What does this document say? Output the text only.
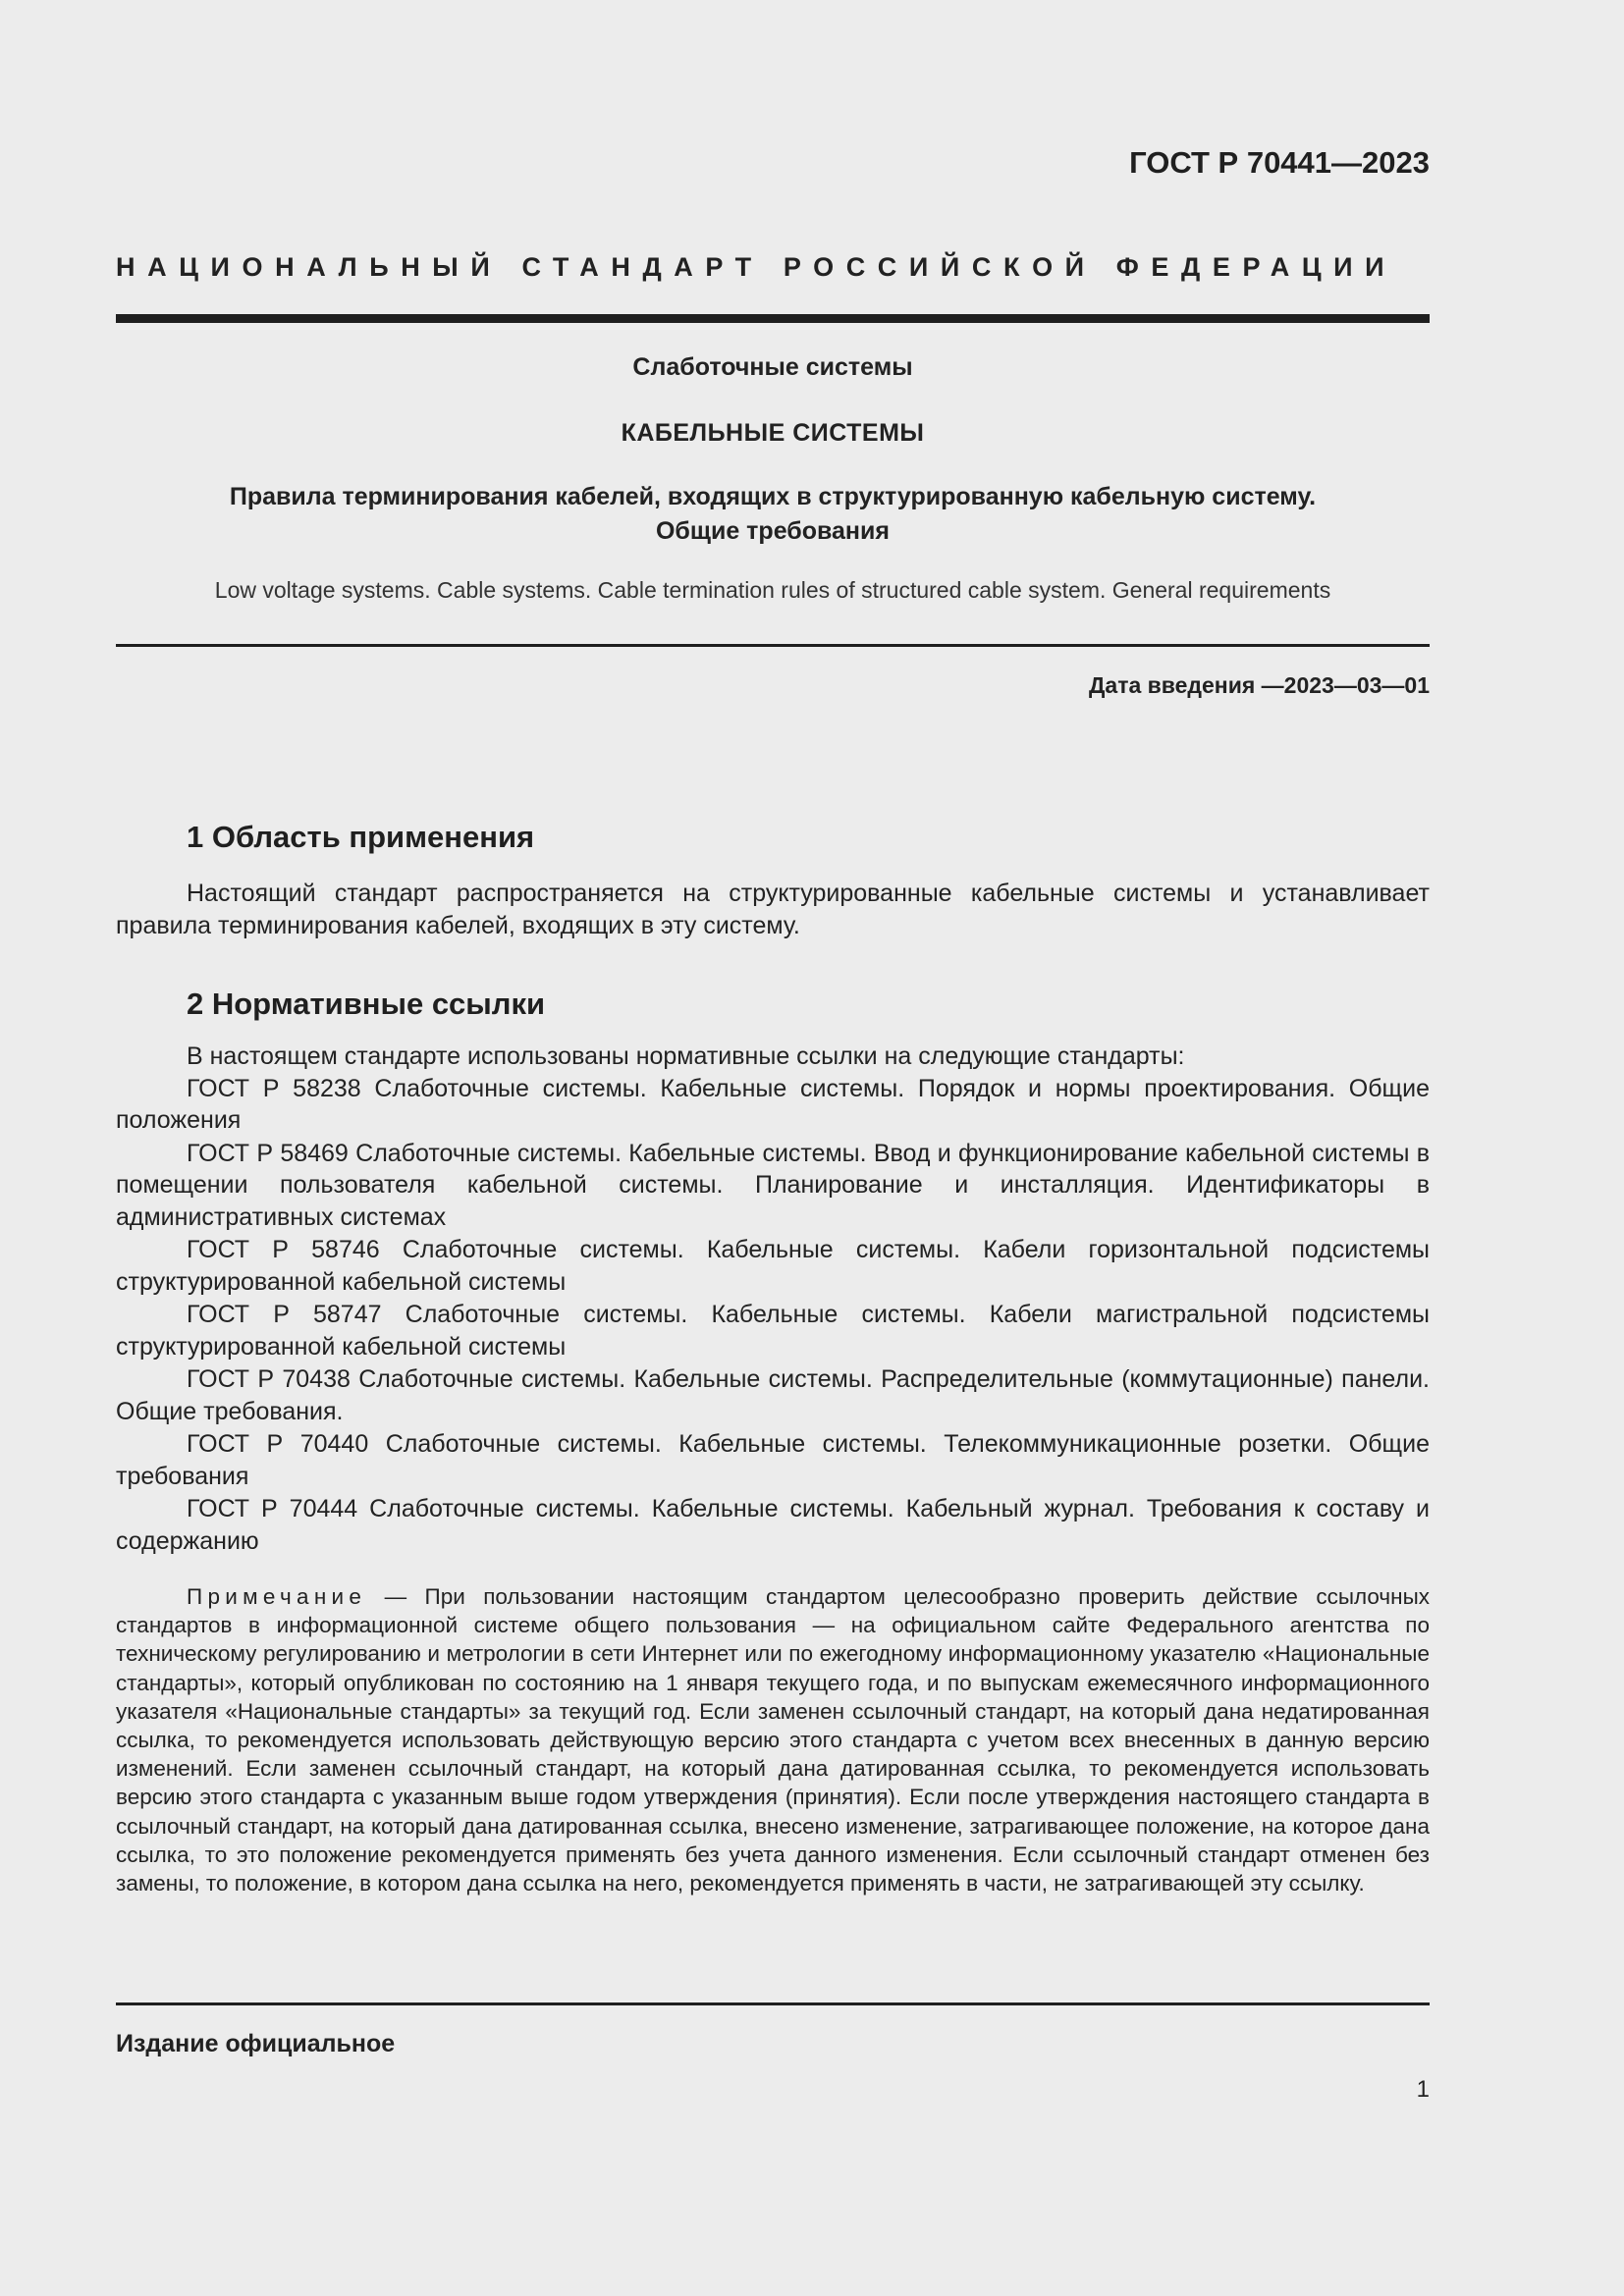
ГОСТ Р 70441—2023
НАЦИОНАЛЬНЫЙ СТАНДАРТ РОССИЙСКОЙ ФЕДЕРАЦИИ
Слаботочные системы
КАБЕЛЬНЫЕ СИСТЕМЫ
Правила терминирования кабелей, входящих в структурированную кабельную систему.
Общие требования
Low voltage systems. Cable systems. Cable termination rules of structured cable system. General requirements
Дата введения —2023—03—01
1 Область применения

Настоящий стандарт распространяется на структурированные кабельные системы и устанавливает правила терминирования кабелей, входящих в эту систему.

2 Нормативные ссылки

В настоящем стандарте использованы нормативные ссылки на следующие стандарты:

ГОСТ Р 58238 Слаботочные системы. Кабельные системы. Порядок и нормы проектирования. Общие положения
ГОСТ Р 58469 Слаботочные системы. Кабельные системы. Ввод и функционирование кабельной системы в помещении пользователя кабельной системы. Планирование и инсталляция. Идентификаторы в административных системах
ГОСТ Р 58746 Слаботочные системы. Кабельные системы. Кабели горизонтальной подсистемы структурированной кабельной системы
ГОСТ Р 58747 Слаботочные системы. Кабельные системы. Кабели магистральной подсистемы структурированной кабельной системы
ГОСТ Р 70438 Слаботочные системы. Кабельные системы. Распределительные (коммутационные) панели. Общие требования.
ГОСТ Р 70440 Слаботочные системы. Кабельные системы. Телекоммуникационные розетки. Общие требования
ГОСТ Р 70444 Слаботочные системы. Кабельные системы. Кабельный журнал. Требования к составу и содержанию

Примечание — При пользовании настоящим стандартом целесообразно проверить действие ссылочных стандартов в информационной системе общего пользования — на официальном сайте Федерального агентства по техническому регулированию и метрологии в сети Интернет или по ежегодному информационному указателю «Национальные стандарты», который опубликован по состоянию на 1 января текущего года, и по выпускам ежемесячного информационного указателя «Национальные стандарты» за текущий год. Если заменен ссылочный стандарт, на который дана недатированная ссылка, то рекомендуется использовать действующую версию этого стандарта с учетом всех внесенных в данную версию изменений. Если заменен ссылочный стандарт, на который дана датированная ссылка, то рекомендуется использовать версию этого стандарта с указанным выше годом утверждения (принятия). Если после утверждения настоящего стандарта в ссылочный стандарт, на который дана датированная ссылка, внесено изменение, затрагивающее положение, на которое дана ссылка, то это положение рекомендуется применять без учета данного изменения. Если ссылочный стандарт отменен без замены, то положение, в котором дана ссылка на него, рекомендуется применять в части, не затрагивающей эту ссылку.

Издание официальное
1
